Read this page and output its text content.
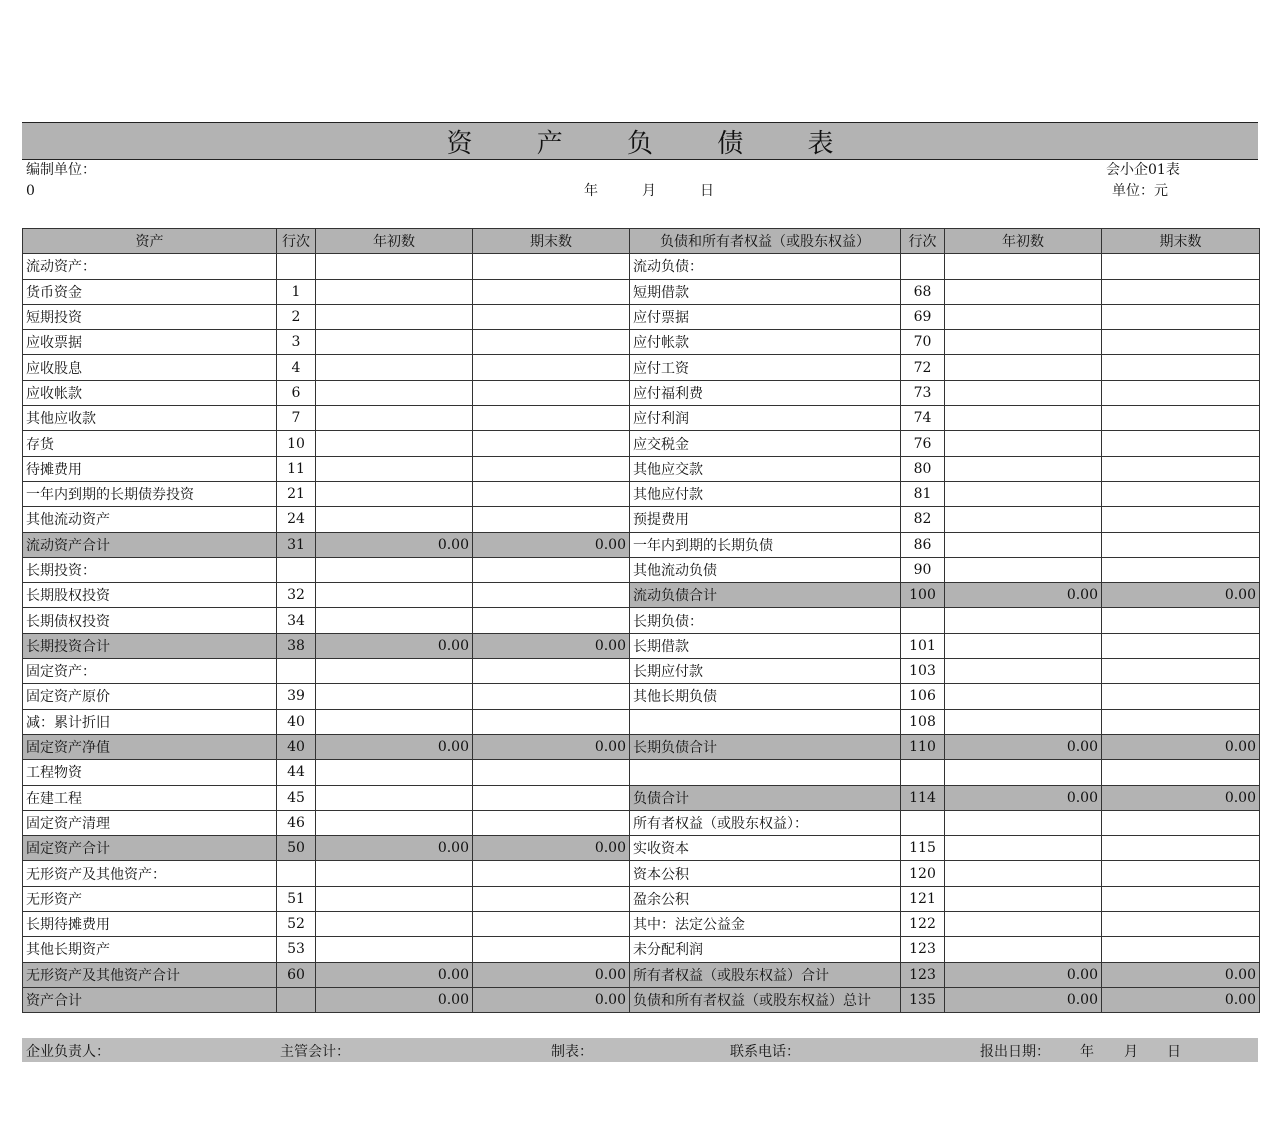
资 产 负 债 表
编制单位：	会小企01表
0	年	月	日	单位：元
资产	行次	年初数	期末数	负债和所有者权益（或股东权益）	行次	年初数	期末数
流动资产：				流动负债：			
货币资金	1			短期借款	68		
短期投资	2			应付票据	69		
应收票据	3			应付帐款	70		
应收股息	4			应付工资	72		
应收帐款	6			应付福利费	73		
其他应收款	7			应付利润	74		
存货	10			应交税金	76		
待摊费用	11			其他应交款	80		
一年内到期的长期债券投资	21			其他应付款	81		
其他流动资产	24			预提费用	82		
流动资产合计	31	0.00	0.00	一年内到期的长期负债	86		
长期投资：				其他流动负债	90		
长期股权投资	32			流动负债合计	100	0.00	0.00
长期债权投资	34			长期负债：			
长期投资合计	38	0.00	0.00	长期借款	101		
固定资产：				长期应付款	103		
固定资产原价	39			其他长期负债	106		
减：累计折旧	40				108		
固定资产净值	40	0.00	0.00	长期负债合计	110	0.00	0.00
工程物资	44						
在建工程	45			负债合计	114	0.00	0.00
固定资产清理	46			所有者权益（或股东权益）：			
固定资产合计	50	0.00	0.00	实收资本	115		
无形资产及其他资产：				资本公积	120		
无形资产	51			盈余公积	121		
长期待摊费用	52			其中：法定公益金	122		
其他长期资产	53			未分配利润	123		
无形资产及其他资产合计	60	0.00	0.00	所有者权益（或股东权益）合计	123	0.00	0.00
资产合计		0.00	0.00	负债和所有者权益（或股东权益）总计	135	0.00	0.00
企业负责人：	主管会计：	制表：	联系电话：	报出日期： 年 月 日
